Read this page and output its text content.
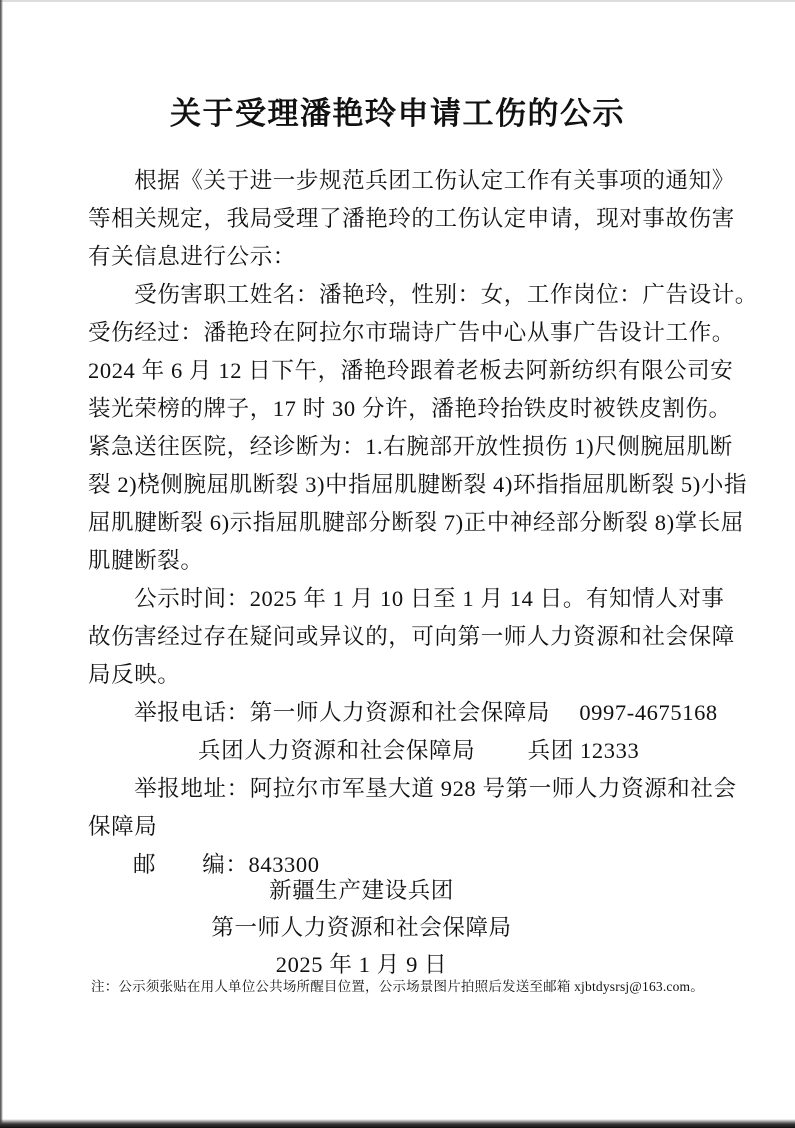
关于受理潘艳玲申请工伤的公示
　　根据《关于进一步规范兵团工伤认定工作有关事项的通知》
等相关规定，我局受理了潘艳玲的工伤认定申请，现对事故伤害
有关信息进行公示：
　　受伤害职工姓名：潘艳玲，性别：女，工作岗位：广告设计。
受伤经过：潘艳玲在阿拉尔市瑞诗广告中心从事广告设计工作。
2024 年 6 月 12 日下午，潘艳玲跟着老板去阿新纺织有限公司安
装光荣榜的牌子，17 时 30 分许，潘艳玲抬铁皮时被铁皮割伤。
紧急送往医院，经诊断为：1.右腕部开放性损伤 1)尺侧腕屈肌断
裂 2)桡侧腕屈肌断裂 3)中指屈肌腱断裂 4)环指指屈肌断裂 5)小指
屈肌腱断裂 6)示指屈肌腱部分断裂 7)正中神经部分断裂 8)掌长屈
肌腱断裂。
　　公示时间：2025 年 1 月 10 日至 1 月 14 日。有知情人对事
故伤害经过存在疑问或异议的，可向第一师人力资源和社会保障
局反映。
　　举报电话：第一师人力资源和社会保障局　 0997-4675168
兵团人力资源和社会保障局　　 兵团 12333
　　举报地址：阿拉尔市军垦大道 928 号第一师人力资源和社会
保障局
邮　　编：843300
新疆生产建设兵团
第一师人力资源和社会保障局
2025 年 1 月 9 日
注：公示须张贴在用人单位公共场所醒目位置，公示场景图片拍照后发送至邮箱 xjbtdysrsj@163.com。
